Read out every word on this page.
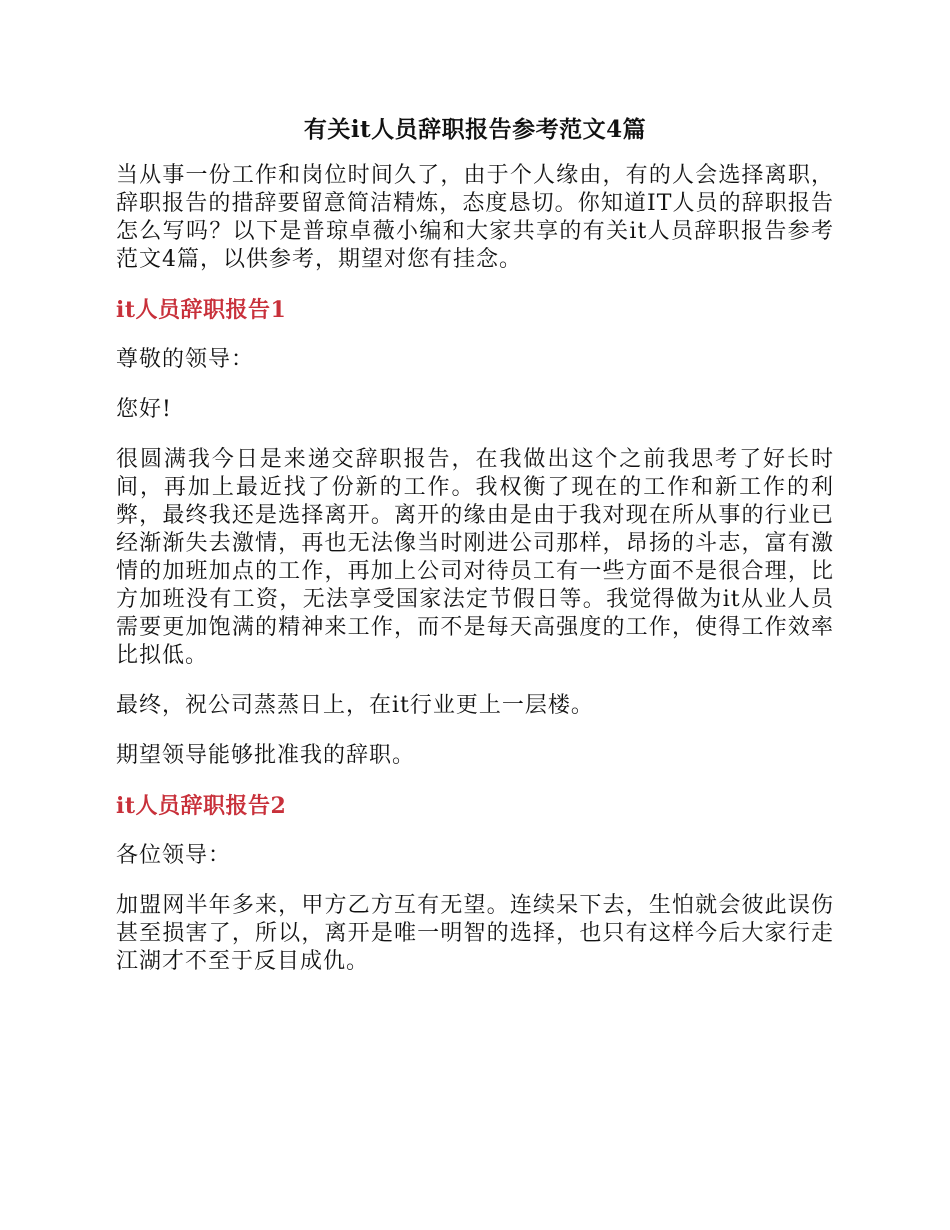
有关it人员辞职报告参考范文4篇

当从事一份工作和岗位时间久了，由于个人缘由，有的人会选择离职，辞职报告的措辞要留意简洁精炼，态度恳切。你知道IT人员的辞职报告怎么写吗？以下是普琼卓薇小编和大家共享的有关it人员辞职报告参考范文4篇，以供参考，期望对您有挂念。

it人员辞职报告1

尊敬的领导：

您好!

很圆满我今日是来递交辞职报告，在我做出这个之前我思考了好长时间，再加上最近找了份新的工作。我权衡了现在的工作和新工作的利弊，最终我还是选择离开。离开的缘由是由于我对现在所从事的行业已经渐渐失去激情，再也无法像当时刚进公司那样，昂扬的斗志，富有激情的加班加点的工作，再加上公司对待员工有一些方面不是很合理，比方加班没有工资，无法享受国家法定节假日等。我觉得做为it从业人员需要更加饱满的精神来工作，而不是每天高强度的工作，使得工作效率比拟低。

最终，祝公司蒸蒸日上，在it行业更上一层楼。

期望领导能够批准我的辞职。

it人员辞职报告2

各位领导：

加盟网半年多来，甲方乙方互有无望。连续呆下去，生怕就会彼此误伤甚至损害了，所以，离开是唯一明智的选择，也只有这样今后大家行走江湖才不至于反目成仇。
